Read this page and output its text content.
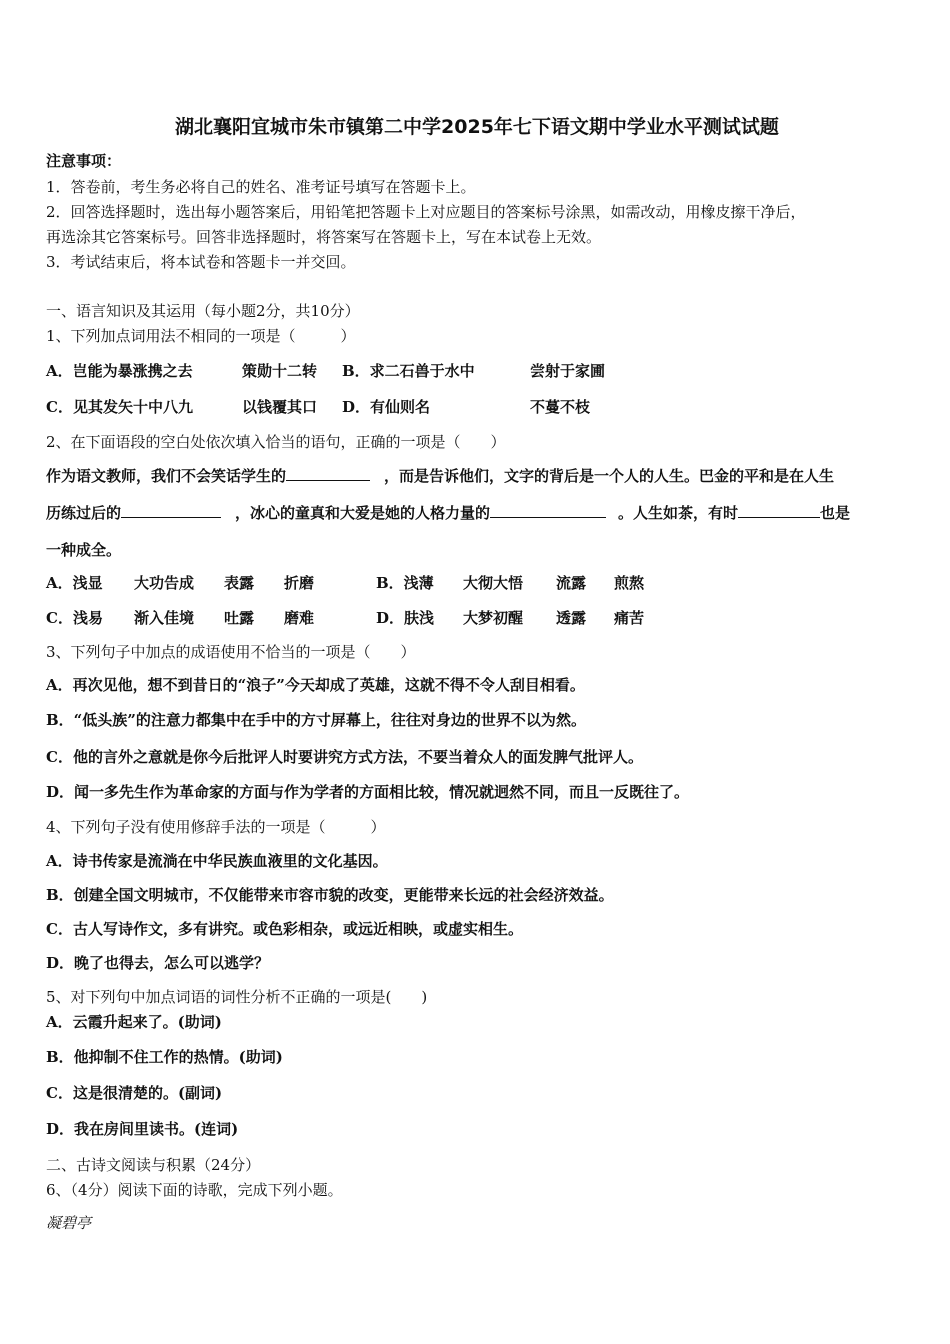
湖北襄阳宜城市朱市镇第二中学2025年七下语文期中学业水平测试试题
注意事项：
1．答卷前，考生务必将自己的姓名、准考证号填写在答题卡上。
2．回答选择题时，选出每小题答案后，用铅笔把答题卡上对应题目的答案标号涂黑，如需改动，用橡皮擦干净后，
再选涂其它答案标号。回答非选择题时，将答案写在答题卡上，写在本试卷上无效。
3．考试结束后，将本试卷和答题卡一并交回。
一、语言知识及其运用（每小题2分，共10分）
1、下列加点词用法不相同的一项是（　　　）
A．岂能为暴涨携之去	策勋十二转 B．求二石兽于水中	尝射于家圃
C．见其发矢十中八九	以钱覆其口 D．有仙则名	不蔓不枝
2、在下面语段的空白处依次填入恰当的语句，正确的一项是（　　）
作为语文教师，我们不会笑话学生的	，而是告诉他们，文字的背后是一个人的人生。巴金的平和是在人生
历练过后的	，冰心的童真和大爱是她的人格力量的	。人生如茶，有时	也是
一种成全。
A．浅显 大功告成 表露 折磨	B．浅薄 大彻大悟 流露 煎熬
C．浅易 渐入佳境 吐露 磨难	D．肤浅 大梦初醒 透露 痛苦
3、下列句子中加点的成语使用不恰当的一项是（　　）
A．再次见他，想不到昔日的“浪子”今天却成了英雄，这就不得不令人刮目相看。
B．“低头族”的注意力都集中在手中的方寸屏幕上，往往对身边的世界不以为然。
C．他的言外之意就是你今后批评人时要讲究方式方法，不要当着众人的面发脾气批评人。
D．闻一多先生作为革命家的方面与作为学者的方面相比较，情况就迥然不同，而且一反既往了。
4、下列句子没有使用修辞手法的一项是（　　　）
A．诗书传家是流淌在中华民族血液里的文化基因。
B．创建全国文明城市，不仅能带来市容市貌的改变，更能带来长远的社会经济效益。
C．古人写诗作文，多有讲究。或色彩相杂，或远近相映，或虚实相生。
D．晚了也得去，怎么可以逃学？
5、对下列句中加点词语的词性分析不正确的一项是(　　)
A．云霞升起来了。(助词)
B．他抑制不住工作的热情。(助词)
C．这是很清楚的。(副词)
D．我在房间里读书。(连词)
二、古诗文阅读与积累（24分）
6、（4分）阅读下面的诗歌，完成下列小题。
凝碧亭
